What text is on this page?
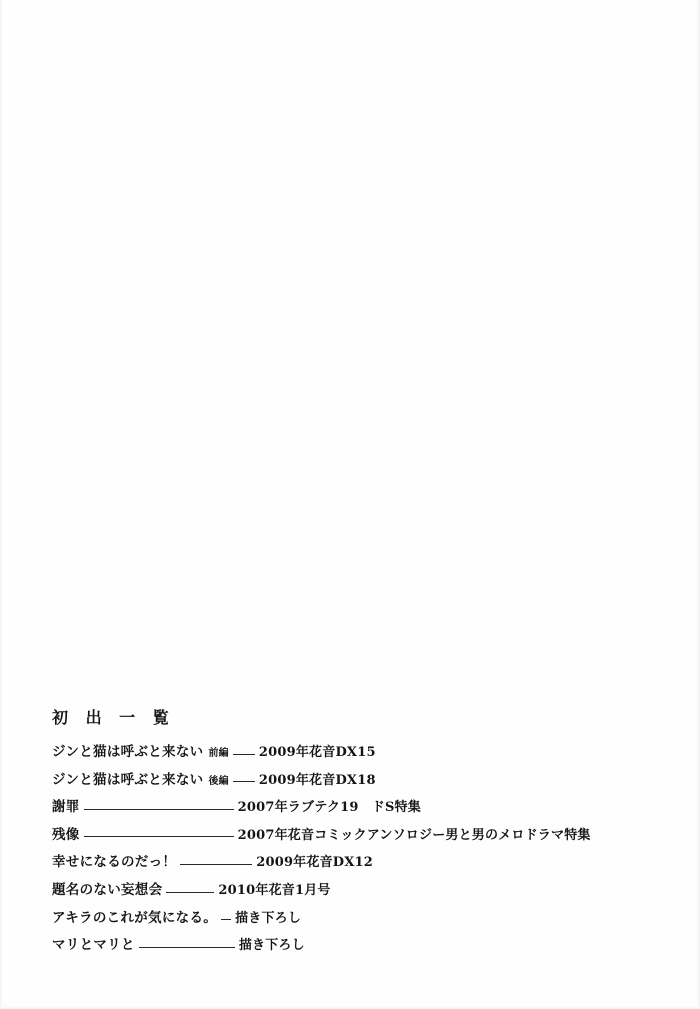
初 出 一 覧
ジンと猫は呼ぶと来ない 前編 2009年花音DX15
ジンと猫は呼ぶと来ない 後編 2009年花音DX18
謝罪	2007年ラブテク19　ドS特集
残像	2007年花音コミックアンソロジー男と男のメロドラマ特集
幸せになるのだっ！	2009年花音DX12
題名のない妄想会	2010年花音1月号
アキラのこれが気になる。 描き下ろし
マリとマリと	描き下ろし
